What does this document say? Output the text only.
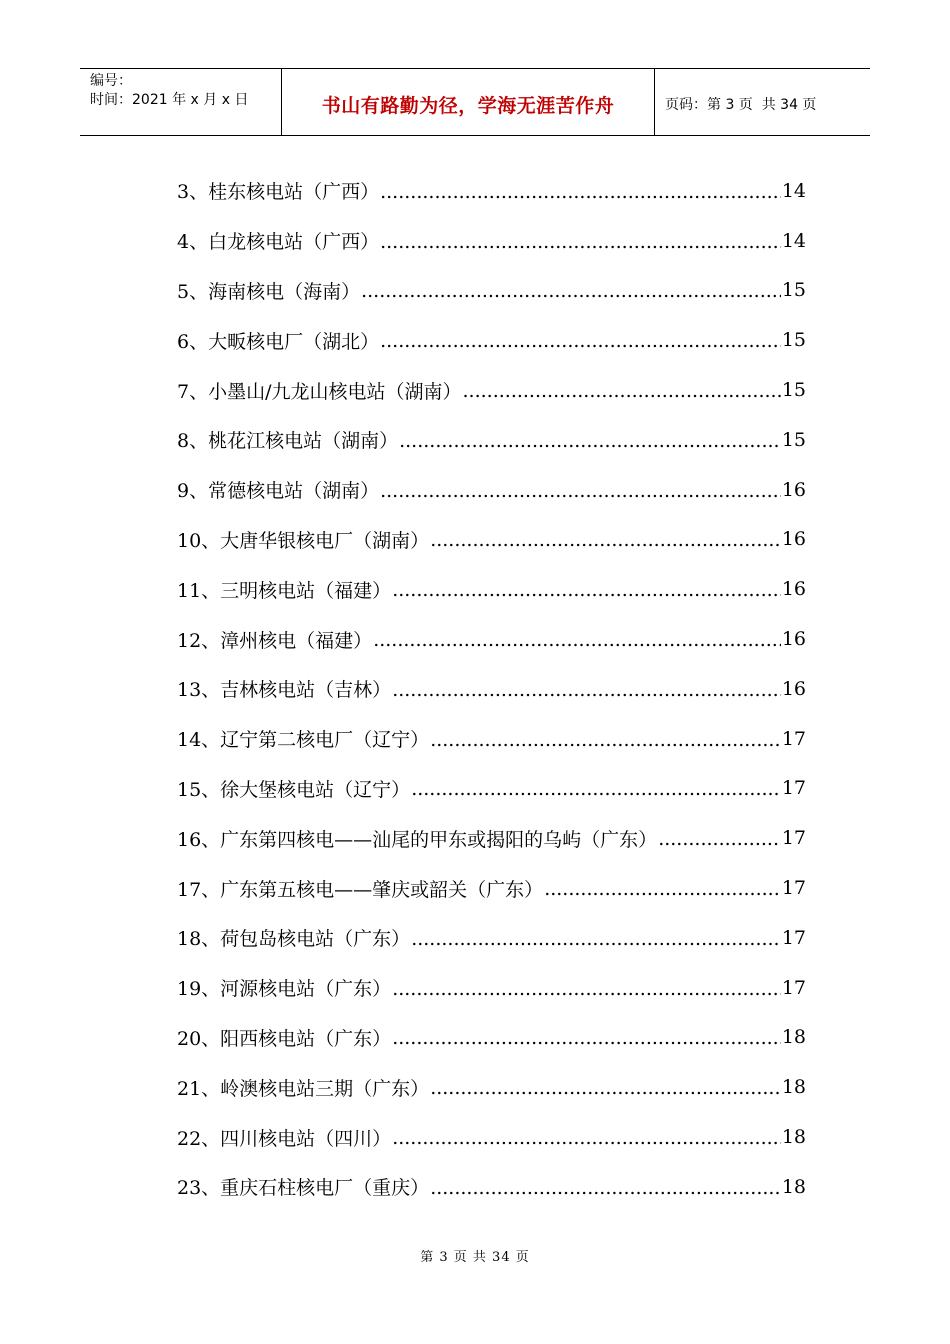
编号：
时间：2021 年 x 月 x 日	书山有路勤为径，学海无涯苦作舟	页码：第 3 页  共 34 页
3、桂东核电站（广西） .....	14
4、白龙核电站（广西） .....	14
5、海南核电（海南） .....	15
6、大畈核电厂（湖北） .....	15
7、小墨山/九龙山核电站（湖南） .....	15
8、桃花江核电站（湖南） .....	15
9、常德核电站（湖南） .....	16
10、大唐华银核电厂（湖南） .....	16
11、三明核电站（福建） .....	16
12、漳州核电（福建） .....	16
13、吉林核电站（吉林） .....	16
14、辽宁第二核电厂（辽宁） .....	17
15、徐大堡核电站（辽宁） .....	17
16、广东第四核电——汕尾的甲东或揭阳的乌屿（广东） .....	17
17、广东第五核电——肇庆或韶关（广东） .....	17
18、荷包岛核电站（广东） .....	17
19、河源核电站（广东） .....	17
20、阳西核电站（广东） .....	18
21、岭澳核电站三期（广东） .....	18
22、四川核电站（四川） .....	18
23、重庆石柱核电厂（重庆） .....	18
第 3 页 共 34 页
